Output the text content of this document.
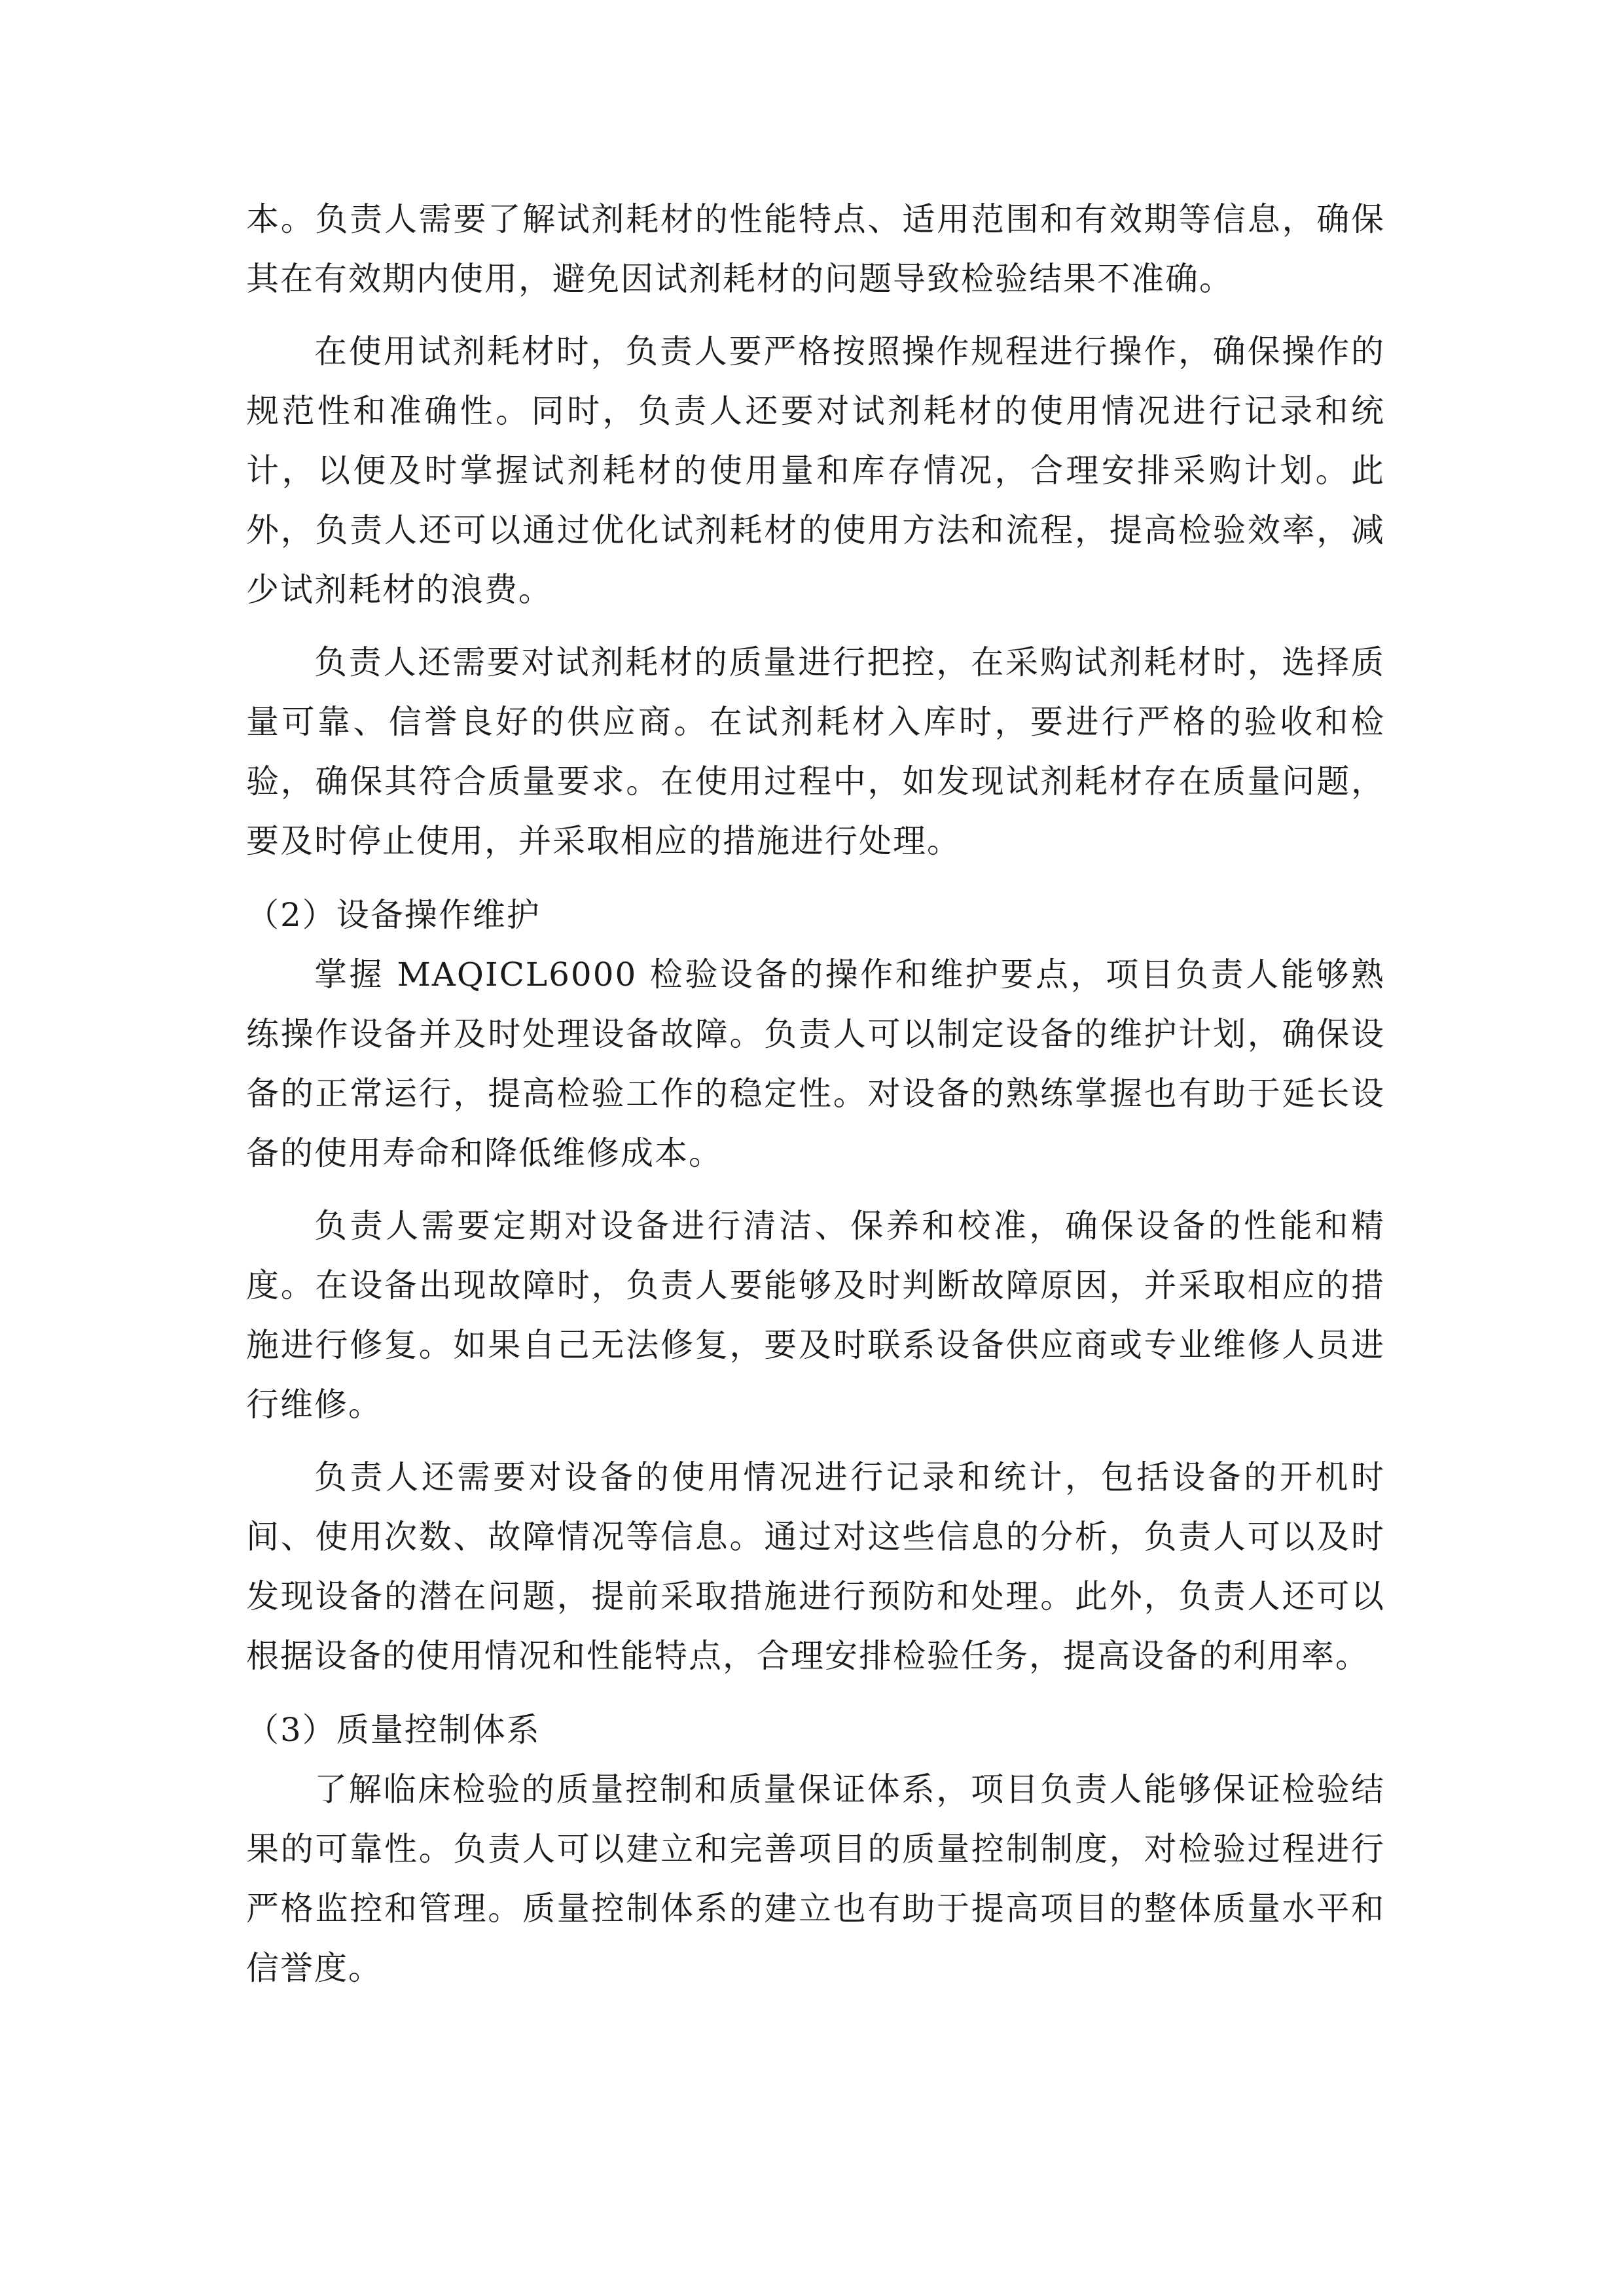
本。负责人需要了解试剂耗材的性能特点、适用范围和有效期等信息，确保其在有效期内使用，避免因试剂耗材的问题导致检验结果不准确。

在使用试剂耗材时，负责人要严格按照操作规程进行操作，确保操作的规范性和准确性。同时，负责人还要对试剂耗材的使用情况进行记录和统计，以便及时掌握试剂耗材的使用量和库存情况，合理安排采购计划。此外，负责人还可以通过优化试剂耗材的使用方法和流程，提高检验效率，减少试剂耗材的浪费。

负责人还需要对试剂耗材的质量进行把控，在采购试剂耗材时，选择质量可靠、信誉良好的供应商。在试剂耗材入库时，要进行严格的验收和检验，确保其符合质量要求。在使用过程中，如发现试剂耗材存在质量问题，要及时停止使用，并采取相应的措施进行处理。

（2）设备操作维护

掌握 MAQICL6000 检验设备的操作和维护要点，项目负责人能够熟练操作设备并及时处理设备故障。负责人可以制定设备的维护计划，确保设备的正常运行，提高检验工作的稳定性。对设备的熟练掌握也有助于延长设备的使用寿命和降低维修成本。

负责人需要定期对设备进行清洁、保养和校准，确保设备的性能和精度。在设备出现故障时，负责人要能够及时判断故障原因，并采取相应的措施进行修复。如果自己无法修复，要及时联系设备供应商或专业维修人员进行维修。

负责人还需要对设备的使用情况进行记录和统计，包括设备的开机时间、使用次数、故障情况等信息。通过对这些信息的分析，负责人可以及时发现设备的潜在问题，提前采取措施进行预防和处理。此外，负责人还可以根据设备的使用情况和性能特点，合理安排检验任务，提高设备的利用率。

（3）质量控制体系

了解临床检验的质量控制和质量保证体系，项目负责人能够保证检验结果的可靠性。负责人可以建立和完善项目的质量控制制度，对检验过程进行严格监控和管理。质量控制体系的建立也有助于提高项目的整体质量水平和信誉度。
